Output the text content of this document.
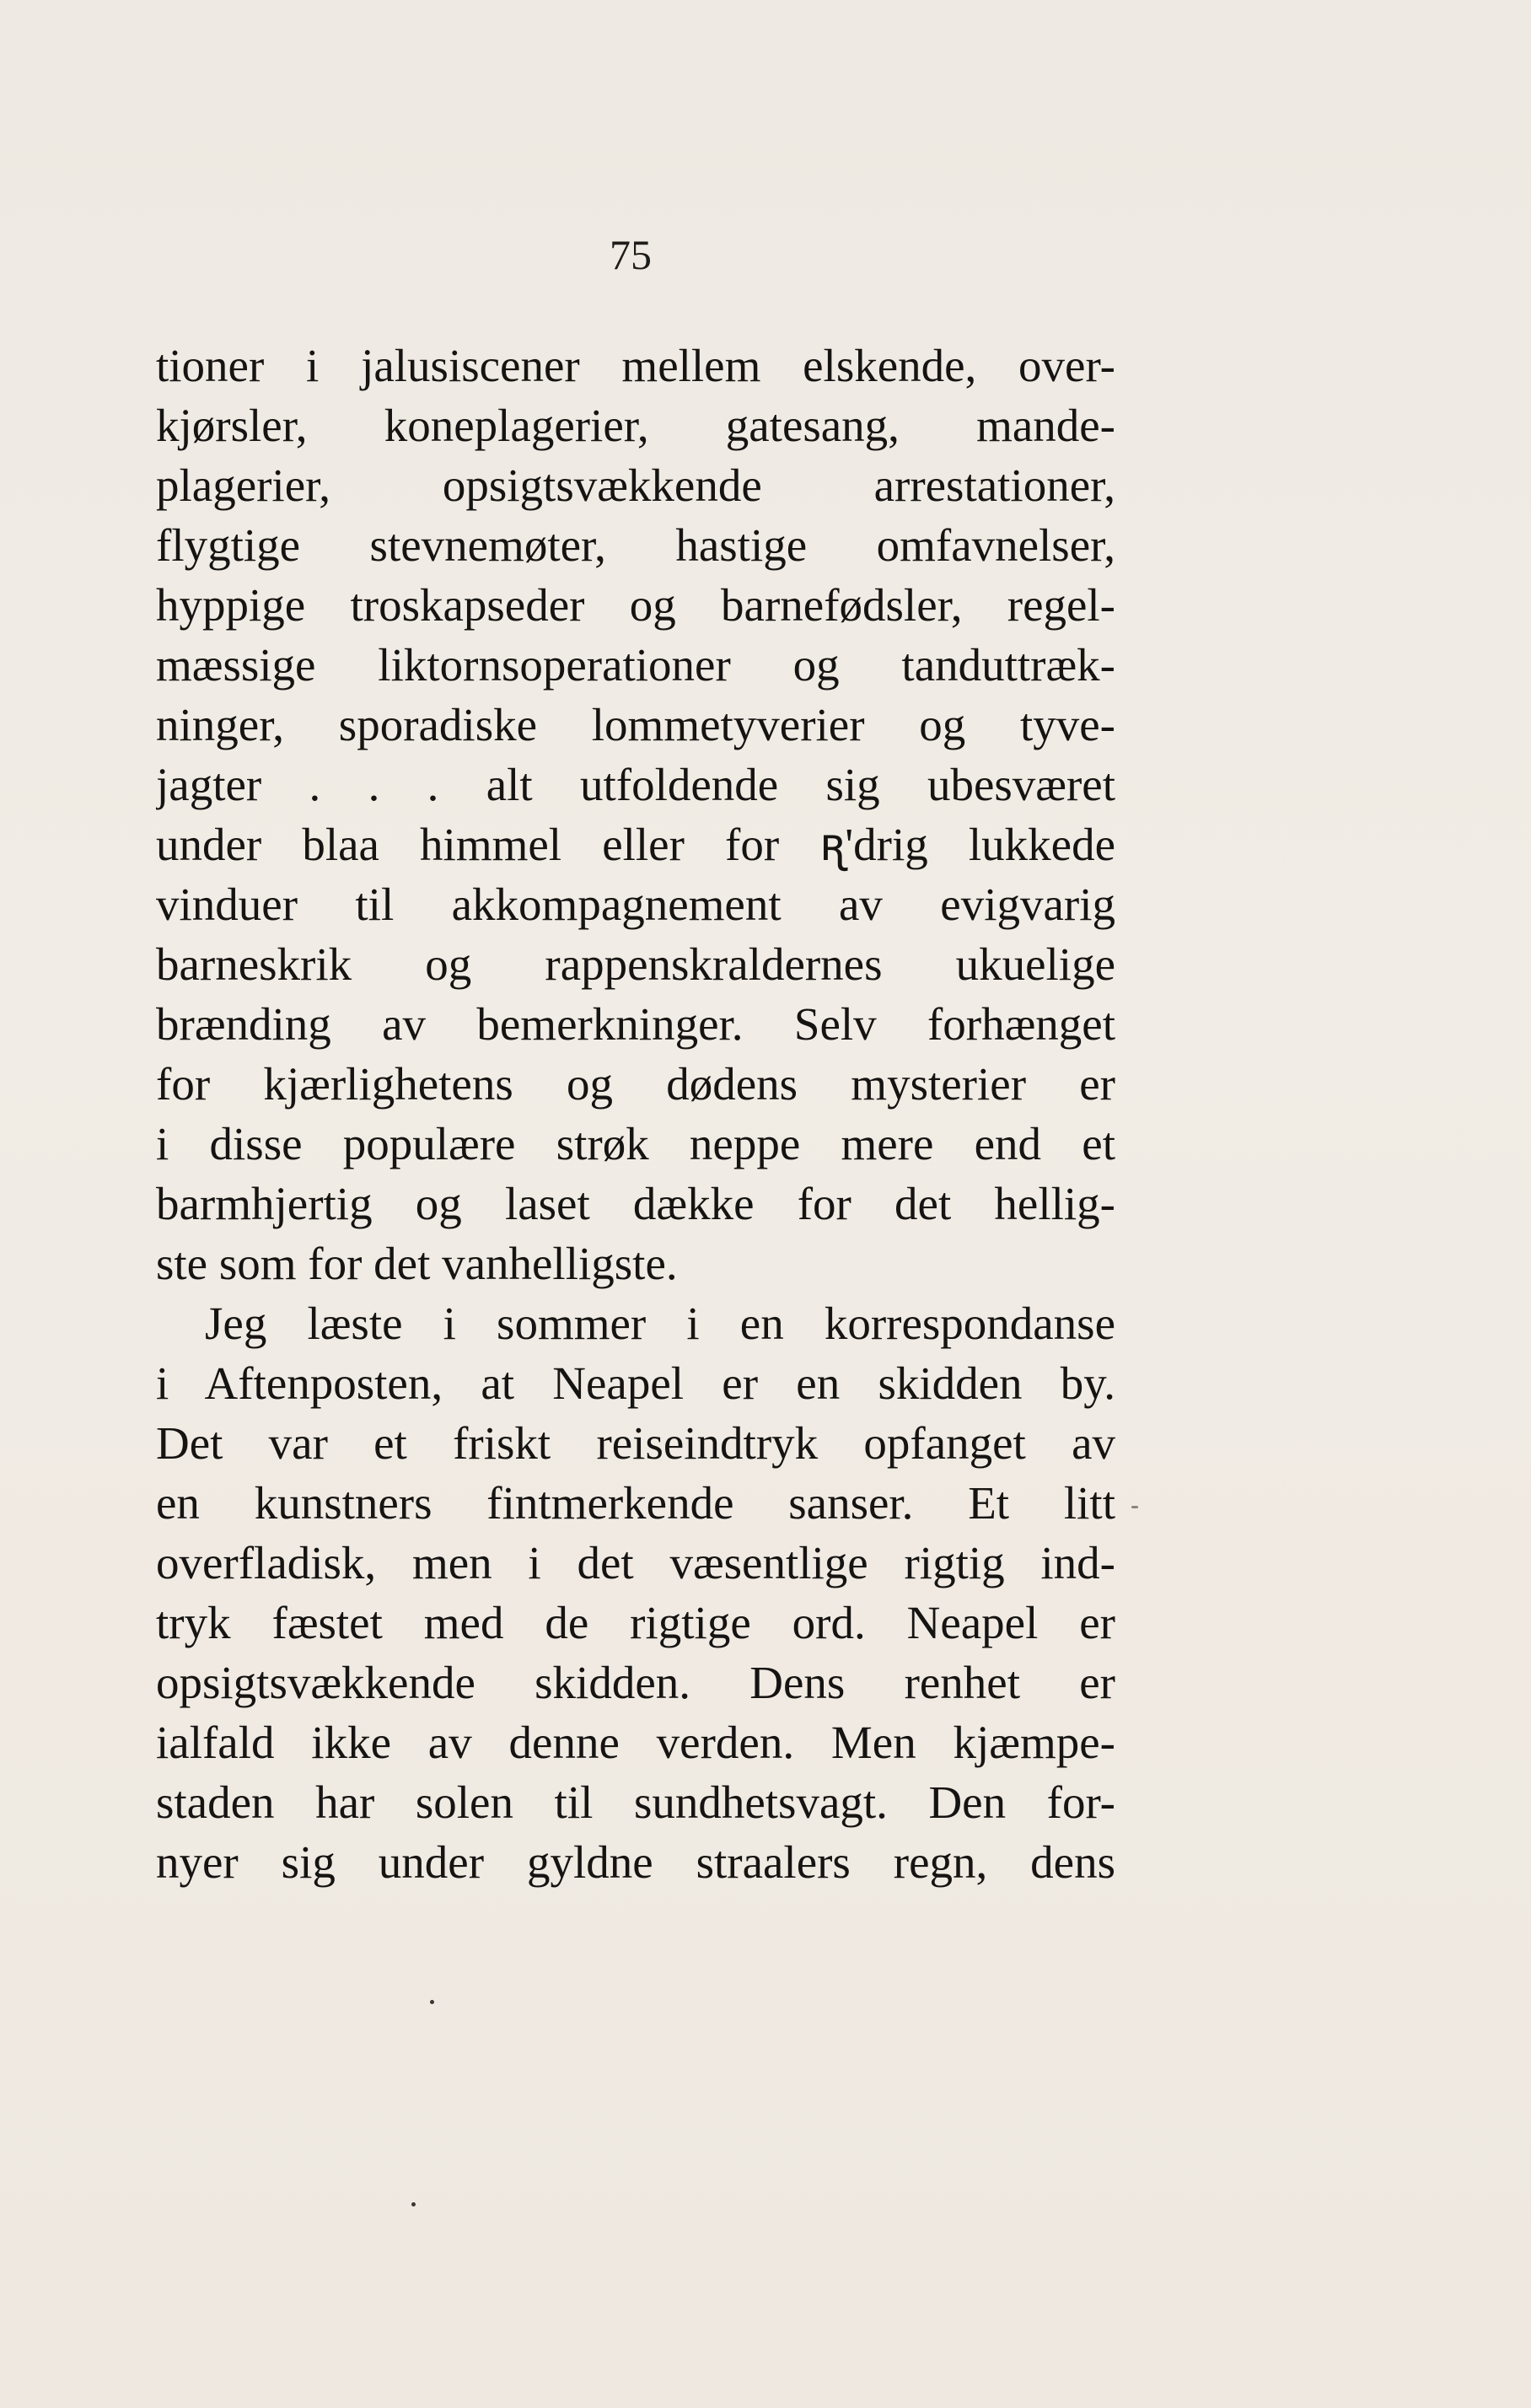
75
tioner i jalusiscener mellem elskende, over-
kjørsler, koneplagerier, gatesang, mande-
plagerier, opsigtsvækkende arrestationer,
flygtige stevnemøter, hastige omfavnelser,
hyppige troskapseder og barnefødsler, regel-
mæssige liktornsoperationer og tanduttræk-
ninger, sporadiske lommetyverier og tyve-
jagter . . . alt utfoldende sig ubesværet
under blaa himmel eller for ꭆ'drig lukkede
vinduer til akkompagnement av evigvarig
barneskrik og rappenskraldernes ukuelige
brænding av bemerkninger. Selv forhænget
for kjærlighetens og dødens mysterier er
i disse populære strøk neppe mere end et
barmhjertig og laset dække for det hellig-
ste som for det vanhelligste.
Jeg læste i sommer i en korrespondanse
i Aftenposten, at Neapel er en skidden by.
Det var et friskt reiseindtryk opfanget av
en kunstners fintmerkende sanser. Et litt
overfladisk, men i det væsentlige rigtig ind-
tryk fæstet med de rigtige ord. Neapel er
opsigtsvækkende skidden. Dens renhet er
ialfald ikke av denne verden. Men kjæmpe-
staden har solen til sundhetsvagt. Den for-
nyer sig under gyldne straalers regn, dens
